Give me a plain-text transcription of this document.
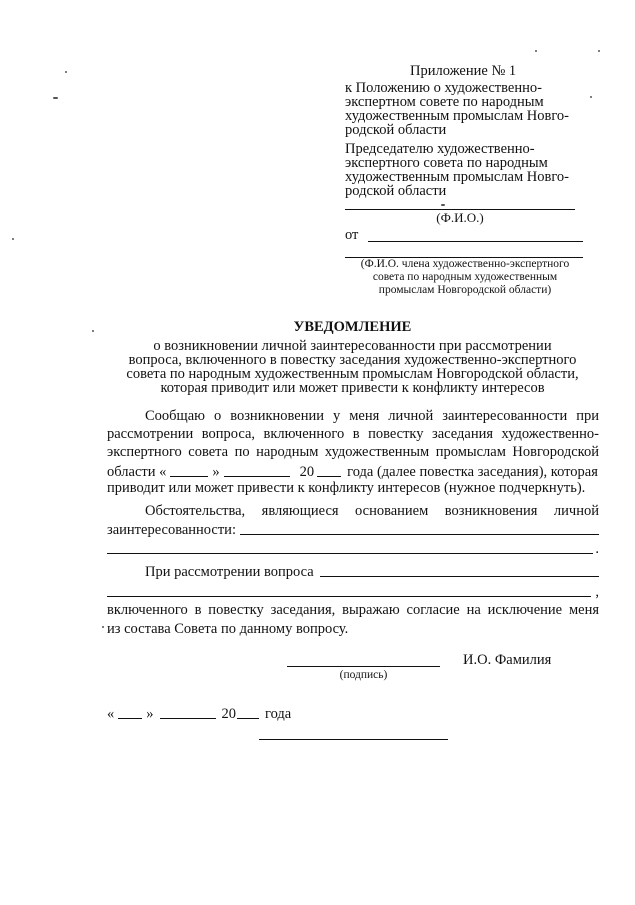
Приложение № 1
к Положению о художественно-
экспертном совете по народным
художественным промыслам Новго-
родской области
Председателю художественно-
экспертного совета по народным
художественным промыслам Новго-
родской области
(Ф.И.О.)
от
(Ф.И.О. члена художественно-экспертного
совета по народным художественным
промыслам Новгородской области)
УВЕДОМЛЕНИЕ
о возникновении личной заинтересованности при рассмотрении
вопроса, включенного в повестку заседания художественно-экспертного
совета по народным художественным промыслам Новгородской области,
которая приводит или может привести к конфликту интересов
Сообщаю о возникновении у меня личной заинтересованности при
рассмотрении вопроса, включенного в повестку заседания художественно-
экспертного совета по народным художественным промыслам Новгородской
области «	»	20 года (далее повестка заседания), которая
приводит или может привести к конфликту интересов (нужное подчеркнуть).
Обстоятельства, являющиеся основанием возникновения личной
заинтересованности:
.
При рассмотрении вопроса
,
включенного в повестку заседания, выражаю согласие на исключение меня
из состава Совета по данному вопросу.
И.О. Фамилия
(подпись)
« »	20 года
